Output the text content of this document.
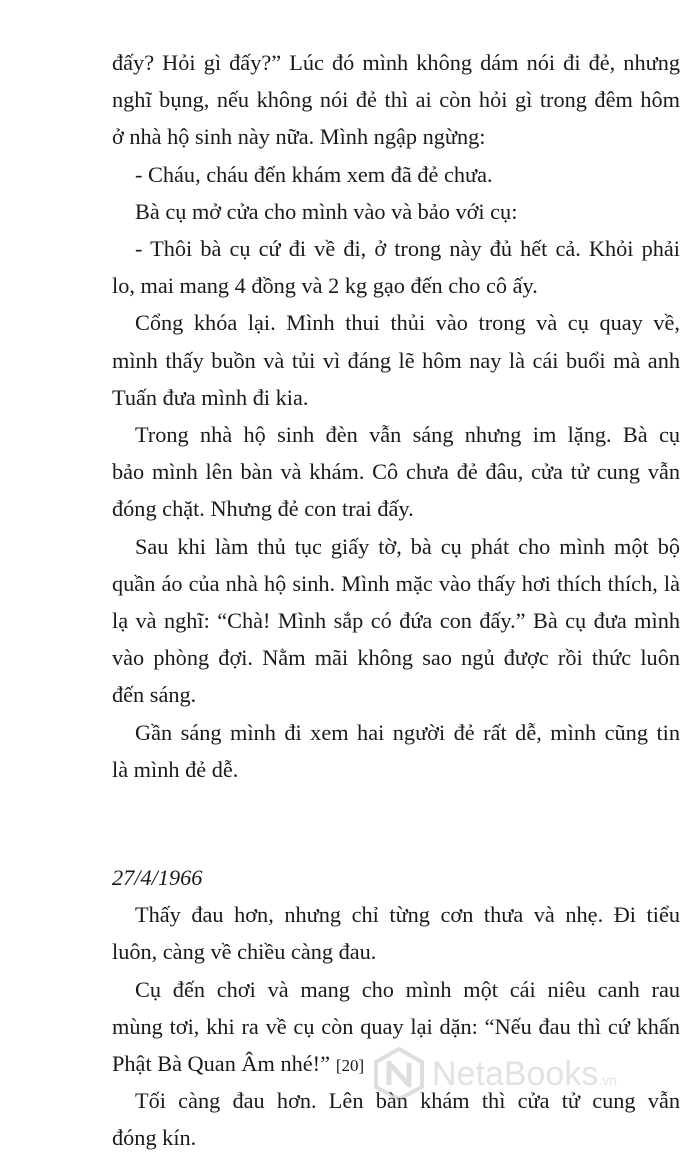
đấy? Hỏi gì đấy?” Lúc đó mình không dám nói đi đẻ, nhưng
nghĩ bụng, nếu không nói đẻ thì ai còn hỏi gì trong đêm hôm
ở nhà hộ sinh này nữa. Mình ngập ngừng:
- Cháu, cháu đến khám xem đã đẻ chưa.
Bà cụ mở cửa cho mình vào và bảo với cụ:
- Thôi bà cụ cứ đi về đi, ở trong này đủ hết cả. Khỏi phải
lo, mai mang 4 đồng và 2 kg gạo đến cho cô ấy.
Cổng khóa lại. Mình thui thủi vào trong và cụ quay về,
mình thấy buồn và tủi vì đáng lẽ hôm nay là cái buổi mà anh
Tuấn đưa mình đi kia.
Trong nhà hộ sinh đèn vẫn sáng nhưng im lặng. Bà cụ
bảo mình lên bàn và khám. Cô chưa đẻ đâu, cửa tử cung vẫn
đóng chặt. Nhưng đẻ con trai đấy.
Sau khi làm thủ tục giấy tờ, bà cụ phát cho mình một bộ
quần áo của nhà hộ sinh. Mình mặc vào thấy hơi thích thích, là
lạ và nghĩ: “Chà! Mình sắp có đứa con đấy.” Bà cụ đưa mình
vào phòng đợi. Nằm mãi không sao ngủ được rồi thức luôn
đến sáng.
Gần sáng mình đi xem hai người đẻ rất dễ, mình cũng tin
là mình đẻ dễ.

27/4/1966

Thấy đau hơn, nhưng chỉ từng cơn thưa và nhẹ. Đi tiểu
luôn, càng về chiều càng đau.
Cụ đến chơi và mang cho mình một cái niêu canh rau
mùng tơi, khi ra về cụ còn quay lại dặn: “Nếu đau thì cứ khấn
Phật Bà Quan Âm nhé!”
Tối càng đau hơn. Lên bàn khám thì cửa tử cung vẫn
đóng kín.
[20]	NetaBooks .vn
